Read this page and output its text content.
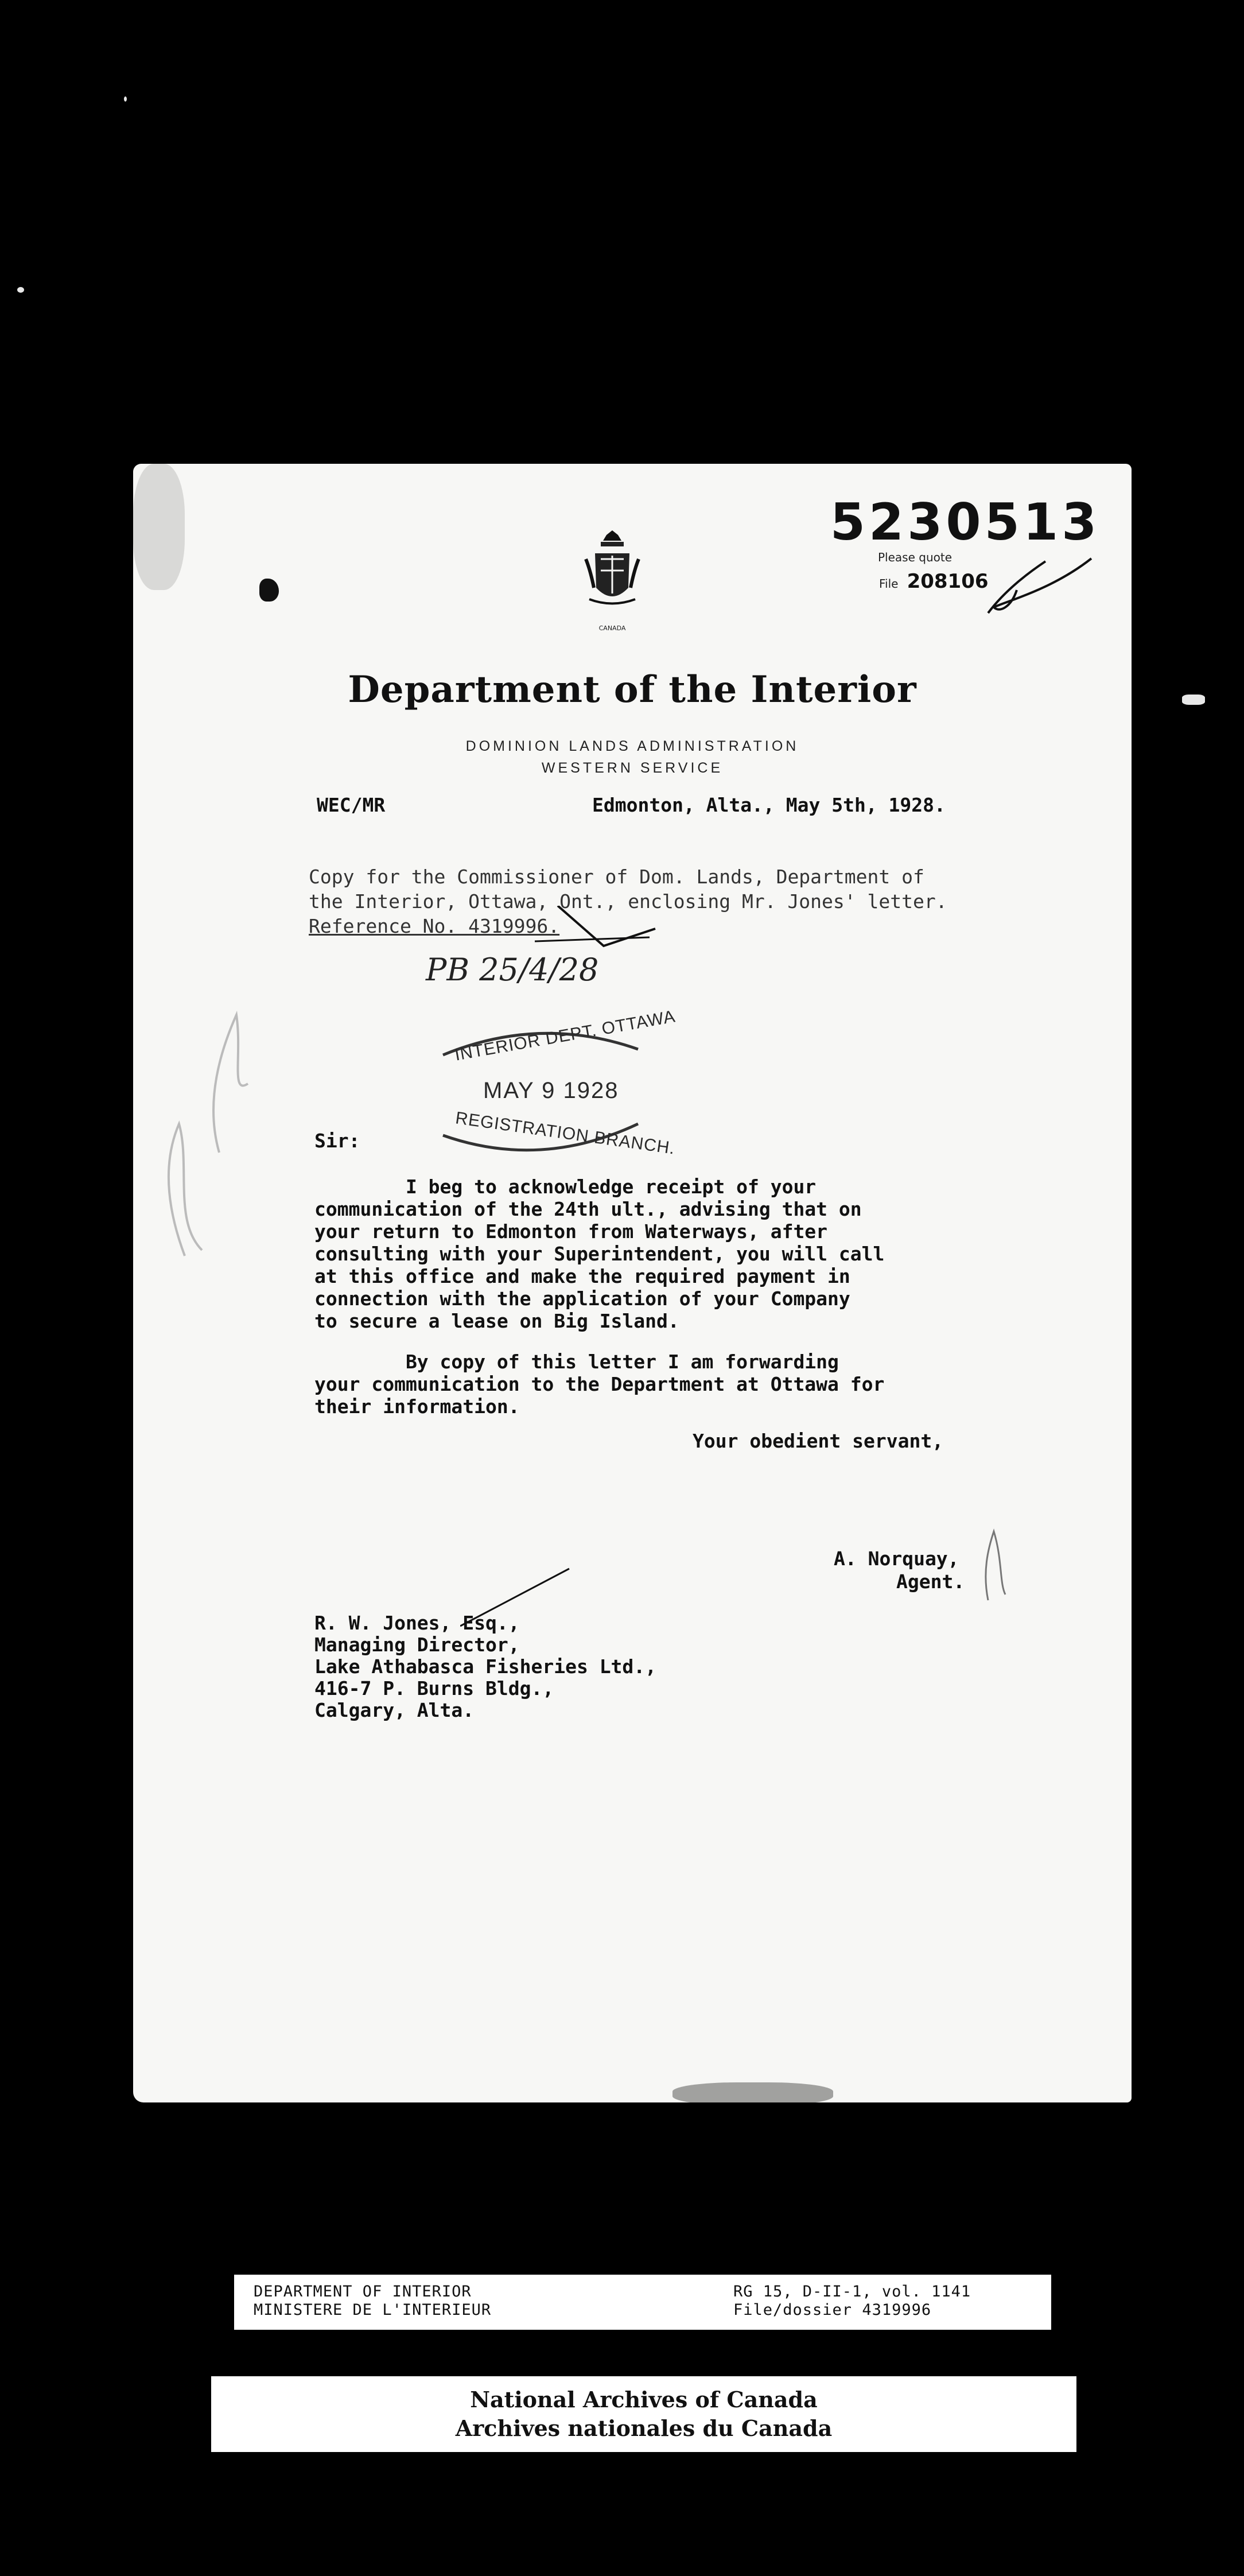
5230513
Please quote
File 208106
CANADA
Department of the Interior
DOMINION LANDS ADMINISTRATION
WESTERN SERVICE
WEC/MR	Edmonton, Alta., May 5th, 1928.
Copy for the Commissioner of Dom. Lands, Department of
the Interior, Ottawa, Ont., enclosing Mr. Jones' letter.
Reference No. 4319996.
PB 25/4/28
INTERIOR DEPT. OTTAWA
MAY 9 1928
REGISTRATION BRANCH.
Sir:
I beg to acknowledge receipt of your
communication of the 24th ult., advising that on
your return to Edmonton from Waterways, after
consulting with your Superintendent, you will call
at this office and make the required payment in
connection with the application of your Company
to secure a lease on Big Island.
By copy of this letter I am forwarding
your communication to the Department at Ottawa for
their information.
Your obedient servant,
A. Norquay,
Agent.
R. W. Jones, Esq.,
Managing Director,
Lake Athabasca Fisheries Ltd.,
416-7 P. Burns Bldg.,
Calgary, Alta.
DEPARTMENT OF INTERIOR
MINISTERE DE L'INTERIEUR
RG 15, D-II-1, vol. 1141
File/dossier 4319996
National Archives of Canada
Archives nationales du Canada
